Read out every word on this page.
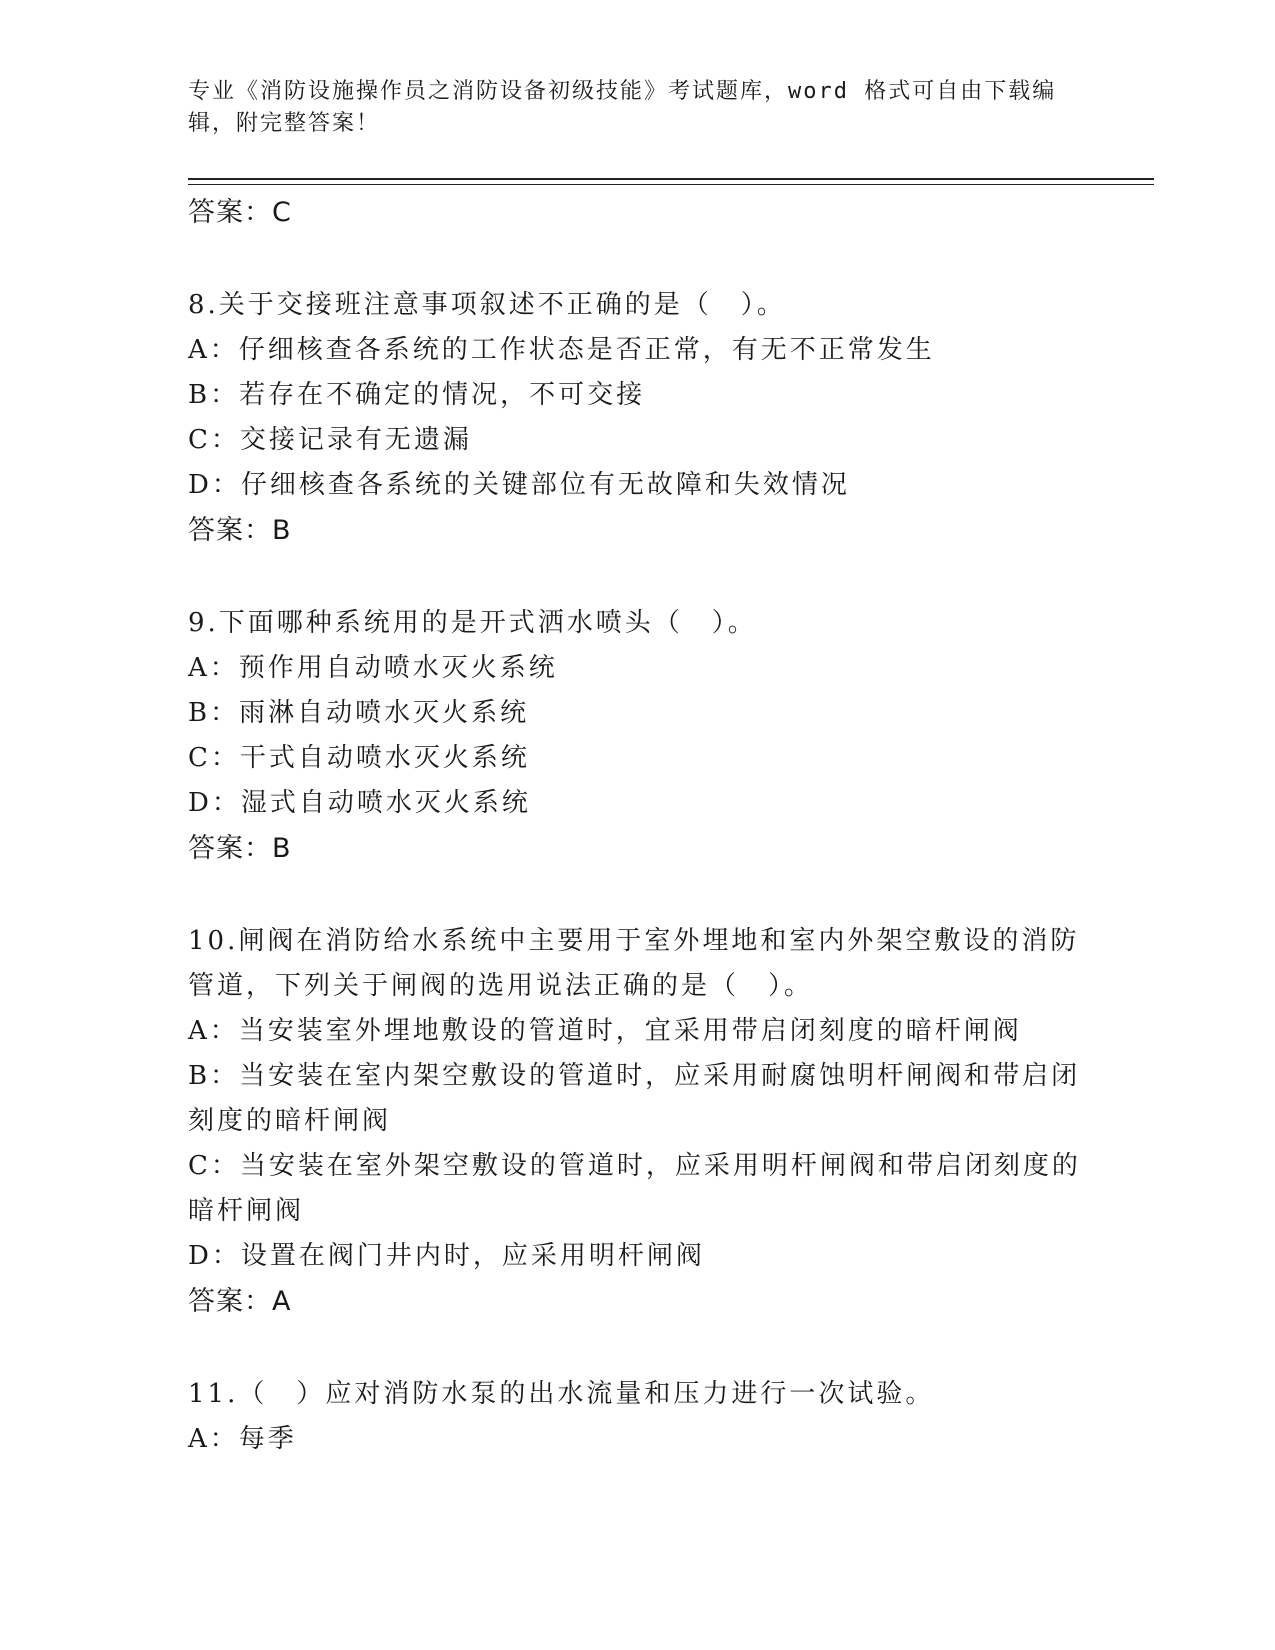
专业《消防设施操作员之消防设备初级技能》考试题库，word 格式可自由下载编
辑，附完整答案！
答案：C
8.关于交接班注意事项叙述不正确的是（　）。
A：仔细核查各系统的工作状态是否正常，有无不正常发生
B：若存在不确定的情况，不可交接
C：交接记录有无遗漏
D：仔细核查各系统的关键部位有无故障和失效情况
答案：B
9.下面哪种系统用的是开式洒水喷头（　）。
A：预作用自动喷水灭火系统
B：雨淋自动喷水灭火系统
C：干式自动喷水灭火系统
D：湿式自动喷水灭火系统
答案：B
10.闸阀在消防给水系统中主要用于室外埋地和室内外架空敷设的消防
管道，下列关于闸阀的选用说法正确的是（　）。
A：当安装室外埋地敷设的管道时，宜采用带启闭刻度的暗杆闸阀
B：当安装在室内架空敷设的管道时，应采用耐腐蚀明杆闸阀和带启闭
刻度的暗杆闸阀
C：当安装在室外架空敷设的管道时，应采用明杆闸阀和带启闭刻度的
暗杆闸阀
D：设置在阀门井内时，应采用明杆闸阀
答案：A
11.（　）应对消防水泵的出水流量和压力进行一次试验。
A：每季
